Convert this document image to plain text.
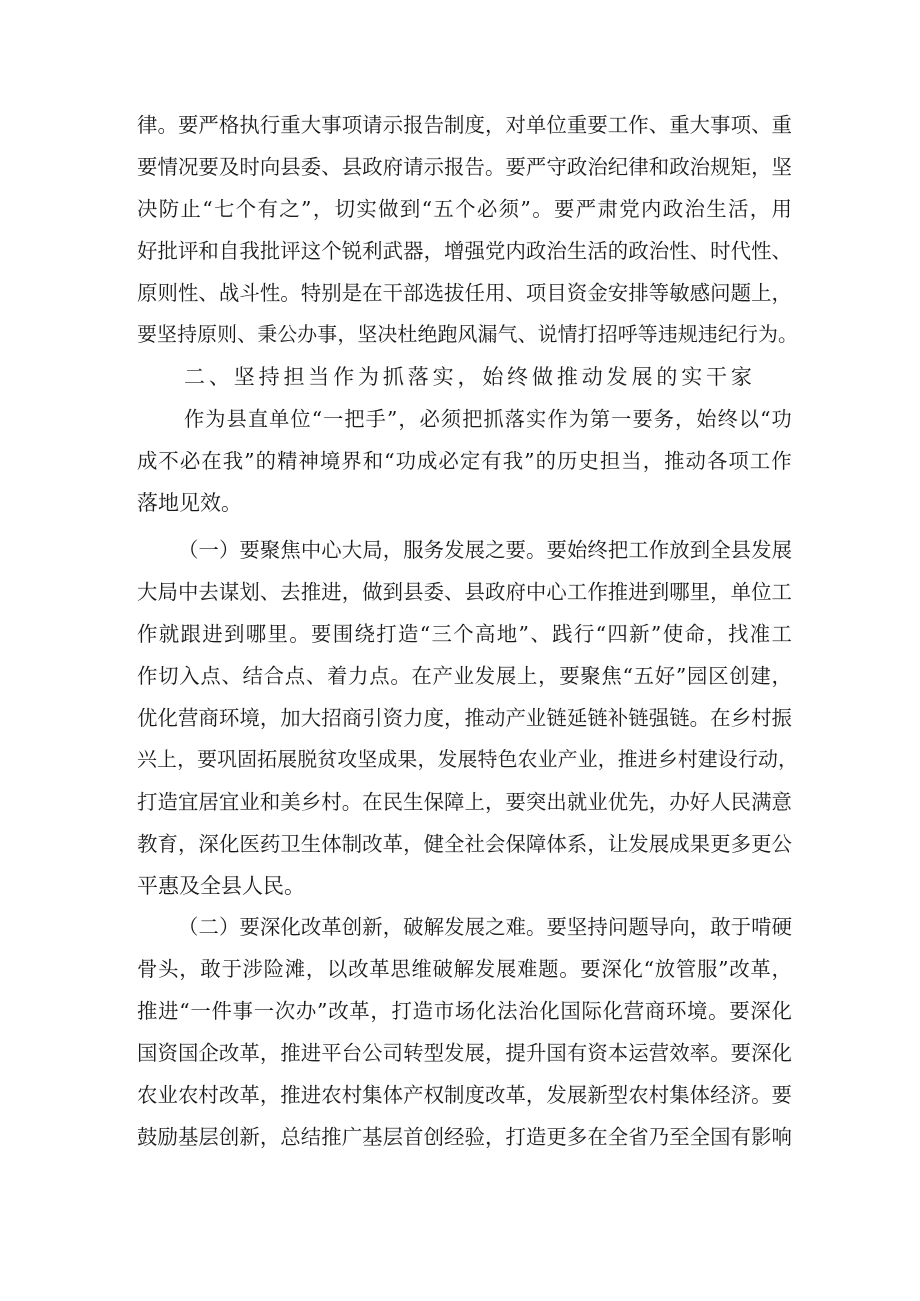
律 。 要 严 格 执 行 重 大 事 项 请 示 报 告 制 度 ， 对 单 位 重 要 工 作 、 重 大 事 项 、 重

要 情 况 要 及 时 向 县 委 、 县 政 府 请 示 报 告 。 要 严 守 政 治 纪 律 和 政 治 规 矩 ， 坚

决 防 止 “ 七 个 有 之 ” ， 切 实 做 到 “ 五 个 必 须 ” 。 要 严 肃 党 内 政 治 生 活 ， 用

好 批 评 和 自 我 批 评 这 个 锐 利 武 器 ， 增 强 党 内 政 治 生 活 的 政 治 性 、 时 代 性 、

原 则 性 、 战 斗 性 。 特 别 是 在 干 部 选 拔 任 用 、 项 目 资 金 安 排 等 敏 感 问 题 上 ，

要 坚 持 原 则 、 秉 公 办 事 ， 坚 决 杜 绝 跑 风 漏 气 、 说 情 打 招 呼 等 违 规 违 纪 行 为 。

二 、 坚 持 担 当 作 为 抓 落 实 ， 始 终 做 推 动 发 展 的 实 干 家

作 为 县 直 单 位 “ 一 把 手 ” ， 必 须 把 抓 落 实 作 为 第 一 要 务 ， 始 终 以 “ 功

成 不 必 在 我 ” 的 精 神 境 界 和 “ 功 成 必 定 有 我 ” 的 历 史 担 当 ， 推 动 各 项 工 作

落地见效。

（ 一 ） 要 聚 焦 中 心 大 局 ， 服 务 发 展 之 要 。 要 始 终 把 工 作 放 到 全 县 发 展

大 局 中 去 谋 划 、 去 推 进 ， 做 到 县 委 、 县 政 府 中 心 工 作 推 进 到 哪 里 ， 单 位 工

作 就 跟 进 到 哪 里 。 要 围 绕 打 造 “ 三 个 高 地 ” 、 践 行 “ 四 新 ” 使 命 ， 找 准 工

作 切 入 点 、 结 合 点 、 着 力 点 。 在 产 业 发 展 上 ， 要 聚 焦 “ 五 好 ” 园 区 创 建 ，

优 化 营 商 环 境 ， 加 大 招 商 引 资 力 度 ， 推 动 产 业 链 延 链 补 链 强 链 。 在 乡 村 振

兴 上 ， 要 巩 固 拓 展 脱 贫 攻 坚 成 果 ， 发 展 特 色 农 业 产 业 ， 推 进 乡 村 建 设 行 动 ，

打 造 宜 居 宜 业 和 美 乡 村 。 在 民 生 保 障 上 ， 要 突 出 就 业 优 先 ， 办 好 人 民 满 意

教 育 ， 深 化 医 药 卫 生 体 制 改 革 ， 健 全 社 会 保 障 体 系 ， 让 发 展 成 果 更 多 更 公

平惠及全县人民。

（ 二 ） 要 深 化 改 革 创 新 ， 破 解 发 展 之 难 。 要 坚 持 问 题 导 向 ， 敢 于 啃 硬

骨 头 ， 敢 于 涉 险 滩 ， 以 改 革 思 维 破 解 发 展 难 题 。 要 深 化 “ 放 管 服 ” 改 革 ，

推 进 “ 一 件 事 一 次 办 ” 改 革 ， 打 造 市 场 化 法 治 化 国 际 化 营 商 环 境 。 要 深 化

国 资 国 企 改 革 ， 推 进 平 台 公 司 转 型 发 展 ， 提 升 国 有 资 本 运 营 效 率 。 要 深 化

农 业 农 村 改 革 ， 推 进 农 村 集 体 产 权 制 度 改 革 ， 发 展 新 型 农 村 集 体 经 济 。 要

鼓 励 基 层 创 新 ， 总 结 推 广 基 层 首 创 经 验 ， 打 造 更 多 在 全 省 乃 至 全 国 有 影 响
